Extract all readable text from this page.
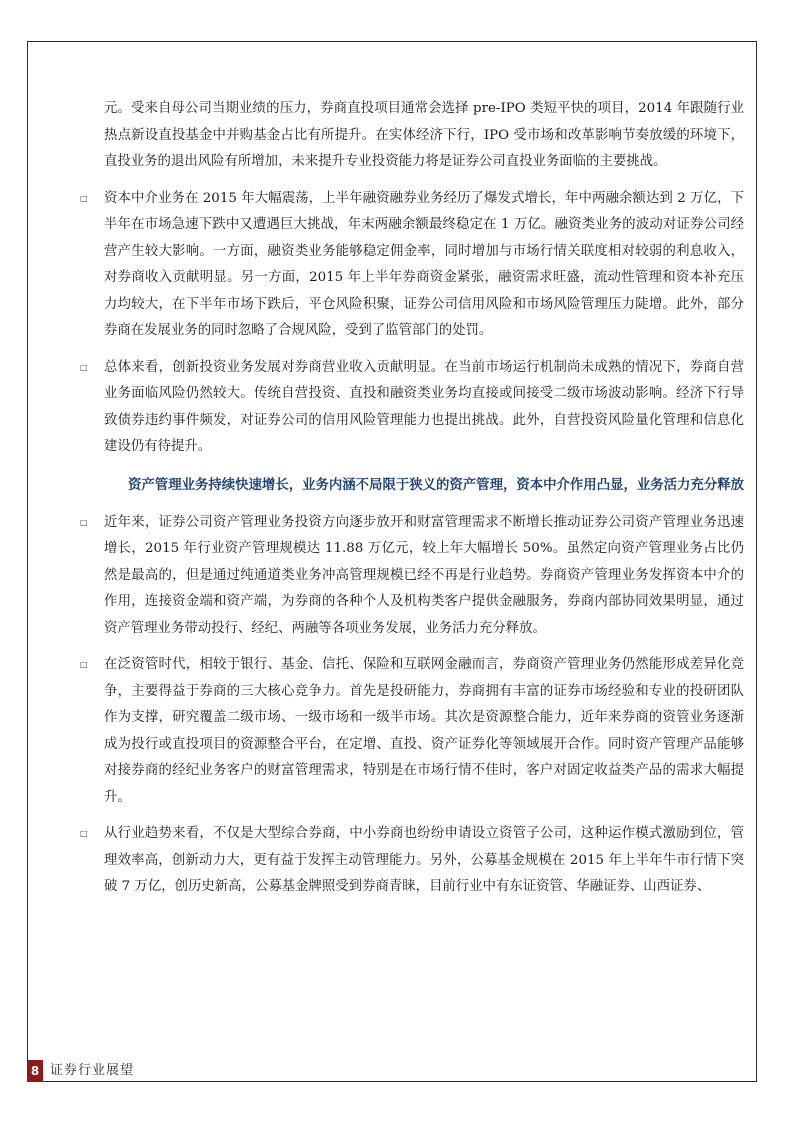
元。受来自母公司当期业绩的压力，券商直投项目通常会选择 pre-IPO 类短平快的项目，2014 年跟随行业热点新设直投基金中并购基金占比有所提升。在实体经济下行，IPO 受市场和改革影响节奏放缓的环境下，直投业务的退出风险有所增加，未来提升专业投资能力将是证券公司直投业务面临的主要挑战。

□	资本中介业务在 2015 年大幅震荡，上半年融资融券业务经历了爆发式增长，年中两融余额达到 2 万亿，下半年在市场急速下跌中又遭遇巨大挑战，年末两融余额最终稳定在 1 万亿。融资类业务的波动对证券公司经营产生较大影响。一方面，融资类业务能够稳定佣金率，同时增加与市场行情关联度相对较弱的利息收入，对券商收入贡献明显。另一方面，2015 年上半年券商资金紧张，融资需求旺盛，流动性管理和资本补充压力均较大，在下半年市场下跌后，平仓风险积聚，证券公司信用风险和市场风险管理压力陡增。此外，部分券商在发展业务的同时忽略了合规风险，受到了监管部门的处罚。
□	总体来看，创新投资业务发展对券商营业收入贡献明显。在当前市场运行机制尚未成熟的情况下，券商自营业务面临风险仍然较大。传统自营投资、直投和融资类业务均直接或间接受二级市场波动影响。经济下行导致债券违约事件频发，对证券公司的信用风险管理能力也提出挑战。此外，自营投资风险量化管理和信息化建设仍有待提升。
资产管理业务持续快速增长，业务内涵不局限于狭义的资产管理，资本中介作用凸显，业务活力充分释放
□	近年来，证券公司资产管理业务投资方向逐步放开和财富管理需求不断增长推动证券公司资产管理业务迅速增长，2015 年行业资产管理规模达 11.88 万亿元，较上年大幅增长 50%。虽然定向资产管理业务占比仍然是最高的，但是通过纯通道类业务冲高管理规模已经不再是行业趋势。券商资产管理业务发挥资本中介的作用，连接资金端和资产端，为券商的各种个人及机构类客户提供金融服务，券商内部协同效果明显，通过资产管理业务带动投行、经纪、两融等各项业务发展，业务活力充分释放。
□	在泛资管时代，相较于银行、基金、信托、保险和互联网金融而言，券商资产管理业务仍然能形成差异化竞争，主要得益于券商的三大核心竞争力。首先是投研能力，券商拥有丰富的证券市场经验和专业的投研团队作为支撑，研究覆盖二级市场、一级市场和一级半市场。其次是资源整合能力，近年来券商的资管业务逐渐成为投行或直投项目的资源整合平台，在定增、直投、资产证券化等领域展开合作。同时资产管理产品能够对接券商的经纪业务客户的财富管理需求，特别是在市场行情不佳时，客户对固定收益类产品的需求大幅提升。
□	从行业趋势来看，不仅是大型综合券商，中小券商也纷纷申请设立资管子公司，这种运作模式激励到位，管理效率高，创新动力大，更有益于发挥主动管理能力。另外，公募基金规模在 2015 年上半年牛市行情下突破 7 万亿，创历史新高，公募基金牌照受到券商青睐，目前行业中有东证资管、华融证券、山西证券、
8 证券行业展望
